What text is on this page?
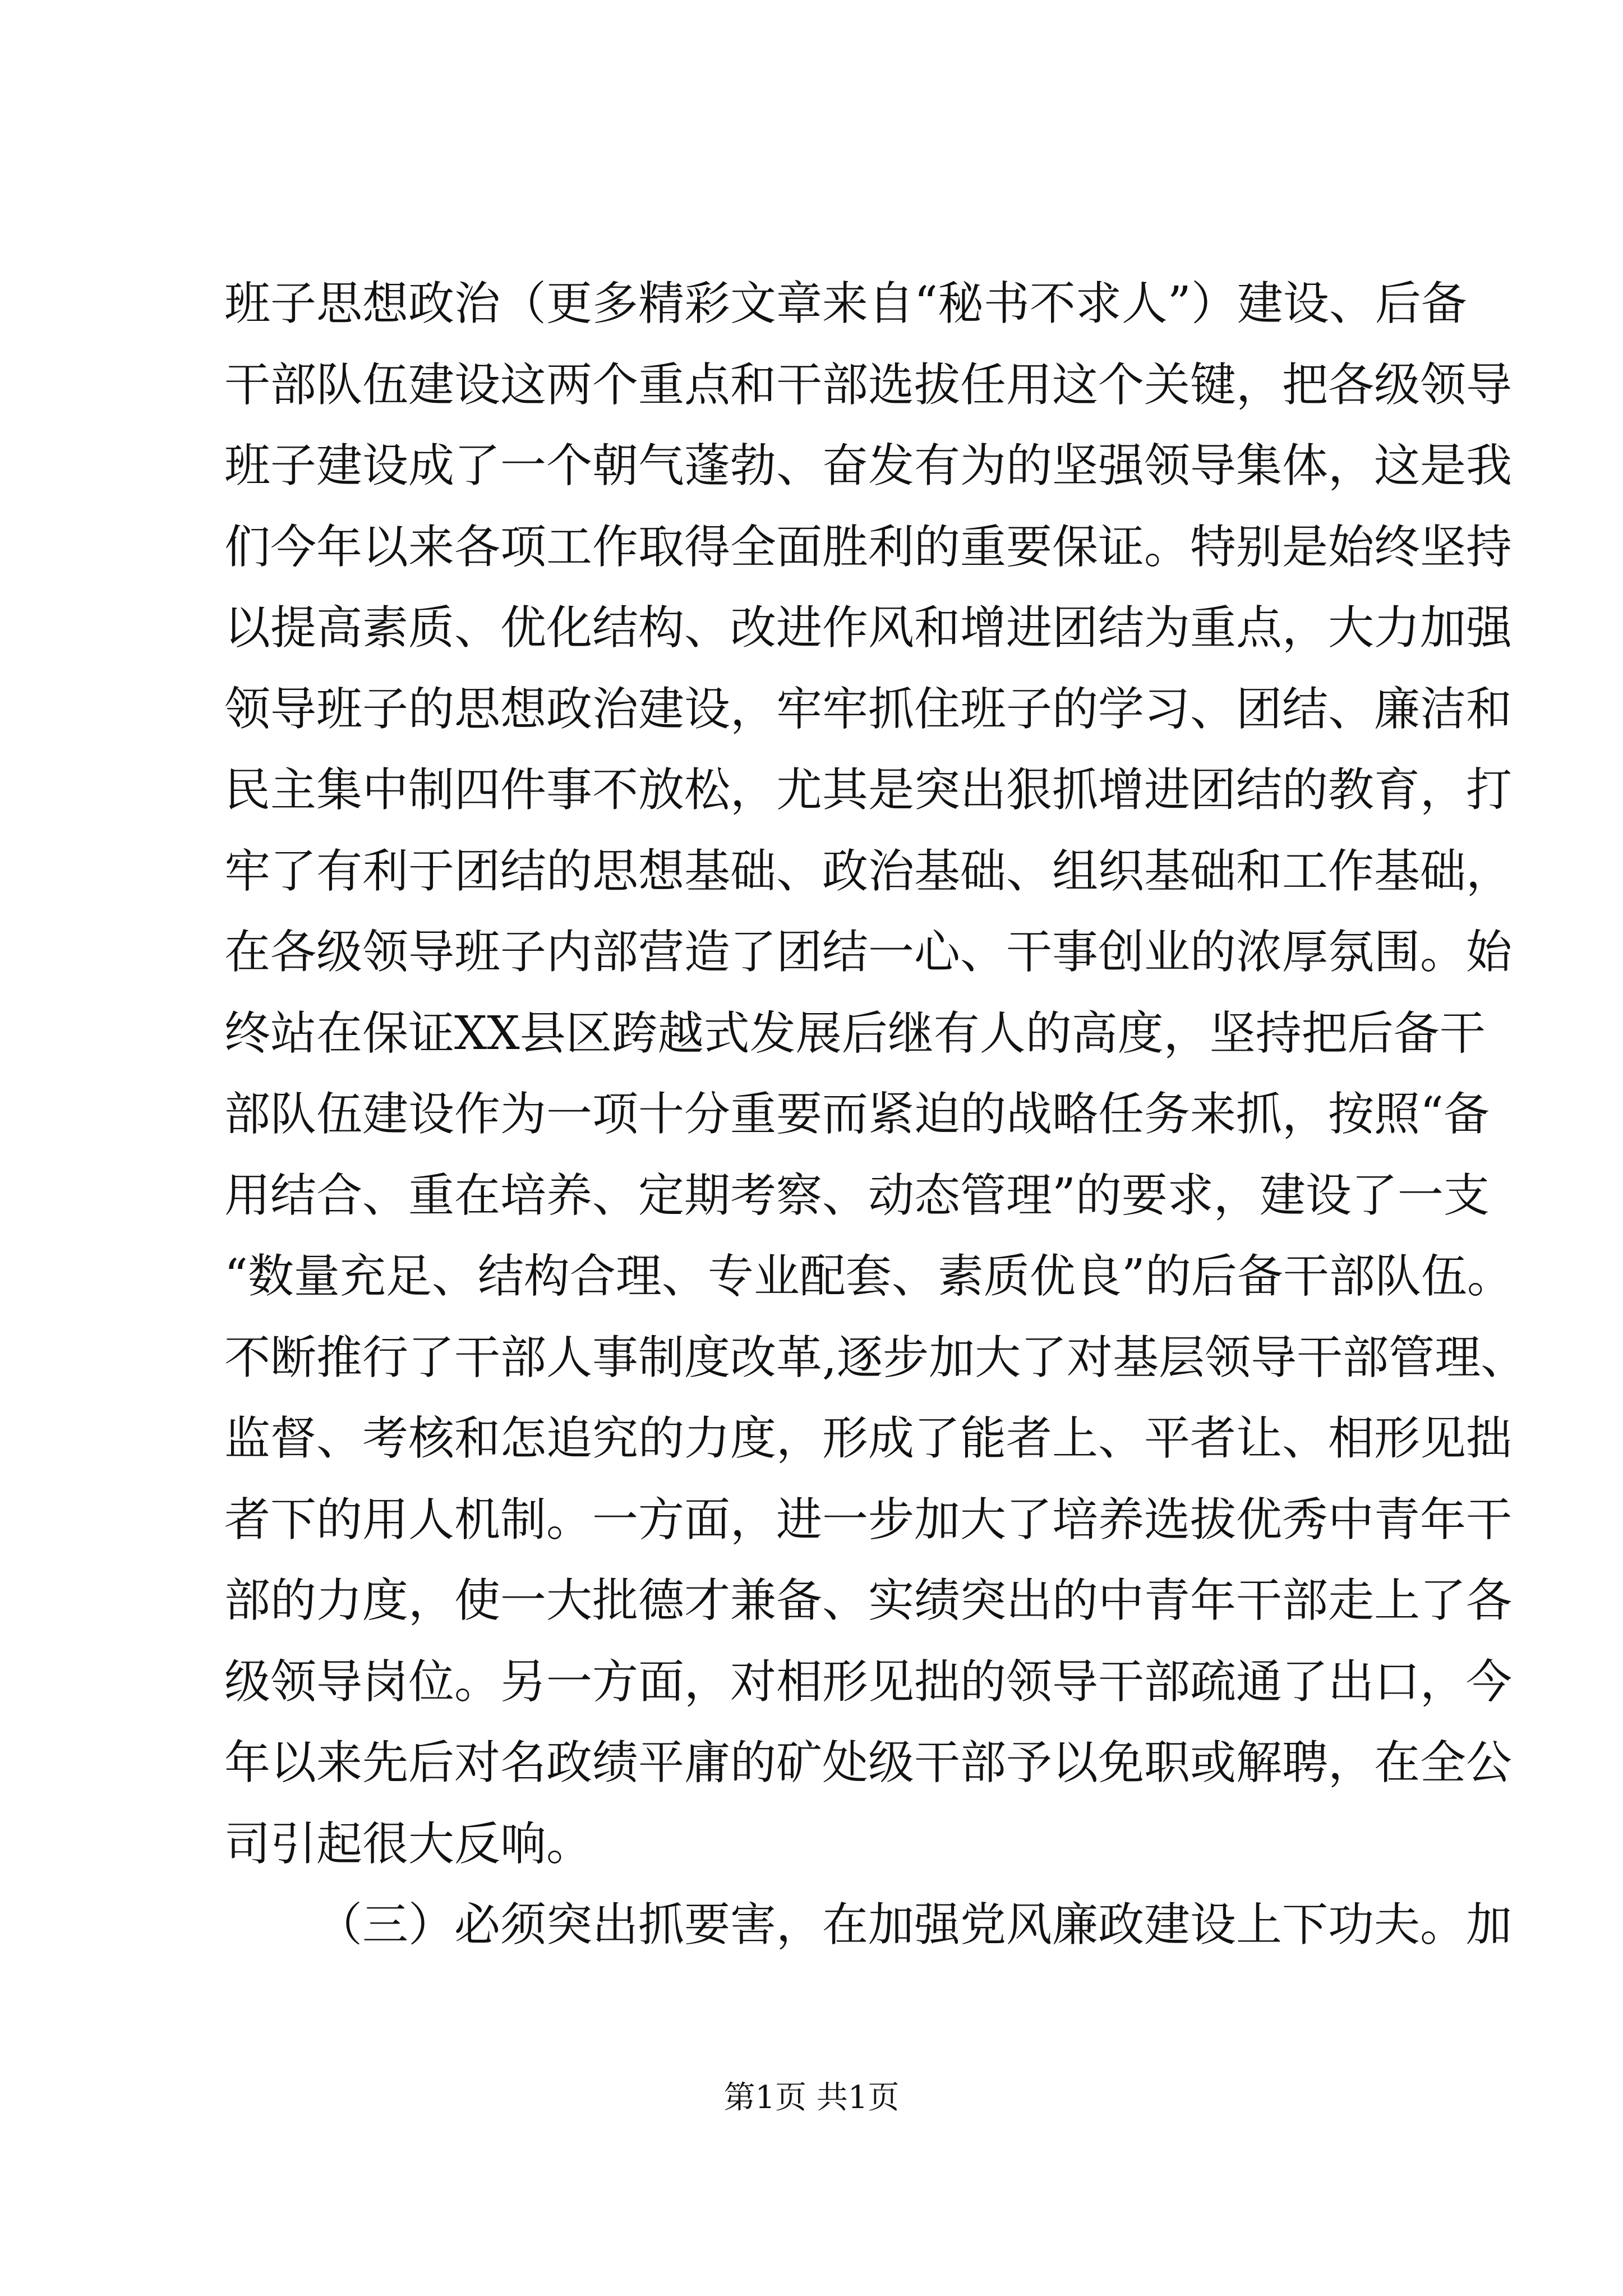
班子思想政治（更多精彩文章来自“秘书不求人”）建设、后备
干部队伍建设这两个重点和干部选拔任用这个关键，把各级领导
班子建设成了一个朝气蓬勃、奋发有为的坚强领导集体，这是我
们今年以来各项工作取得全面胜利的重要保证。特别是始终坚持
以提高素质、优化结构、改进作风和增进团结为重点，大力加强
领导班子的思想政治建设，牢牢抓住班子的学习、团结、廉洁和
民主集中制四件事不放松，尤其是突出狠抓增进团结的教育，打
牢了有利于团结的思想基础、政治基础、组织基础和工作基础，
在各级领导班子内部营造了团结一心、干事创业的浓厚氛围。始
终站在保证XX县区跨越式发展后继有人的高度，坚持把后备干
部队伍建设作为一项十分重要而紧迫的战略任务来抓，按照“备
用结合、重在培养、定期考察、动态管理”的要求，建设了一支
“数量充足、结构合理、专业配套、素质优良”的后备干部队伍。
不断推行了干部人事制度改革,逐步加大了对基层领导干部管理、
监督、考核和怎追究的力度，形成了能者上、平者让、相形见拙
者下的用人机制。一方面，进一步加大了培养选拔优秀中青年干
部的力度，使一大批德才兼备、实绩突出的中青年干部走上了各
级领导岗位。另一方面，对相形见拙的领导干部疏通了出口，今
年以来先后对名政绩平庸的矿处级干部予以免职或解聘，在全公
司引起很大反响。
（三）必须突出抓要害，在加强党风廉政建设上下功夫。加
第1页 共1页
